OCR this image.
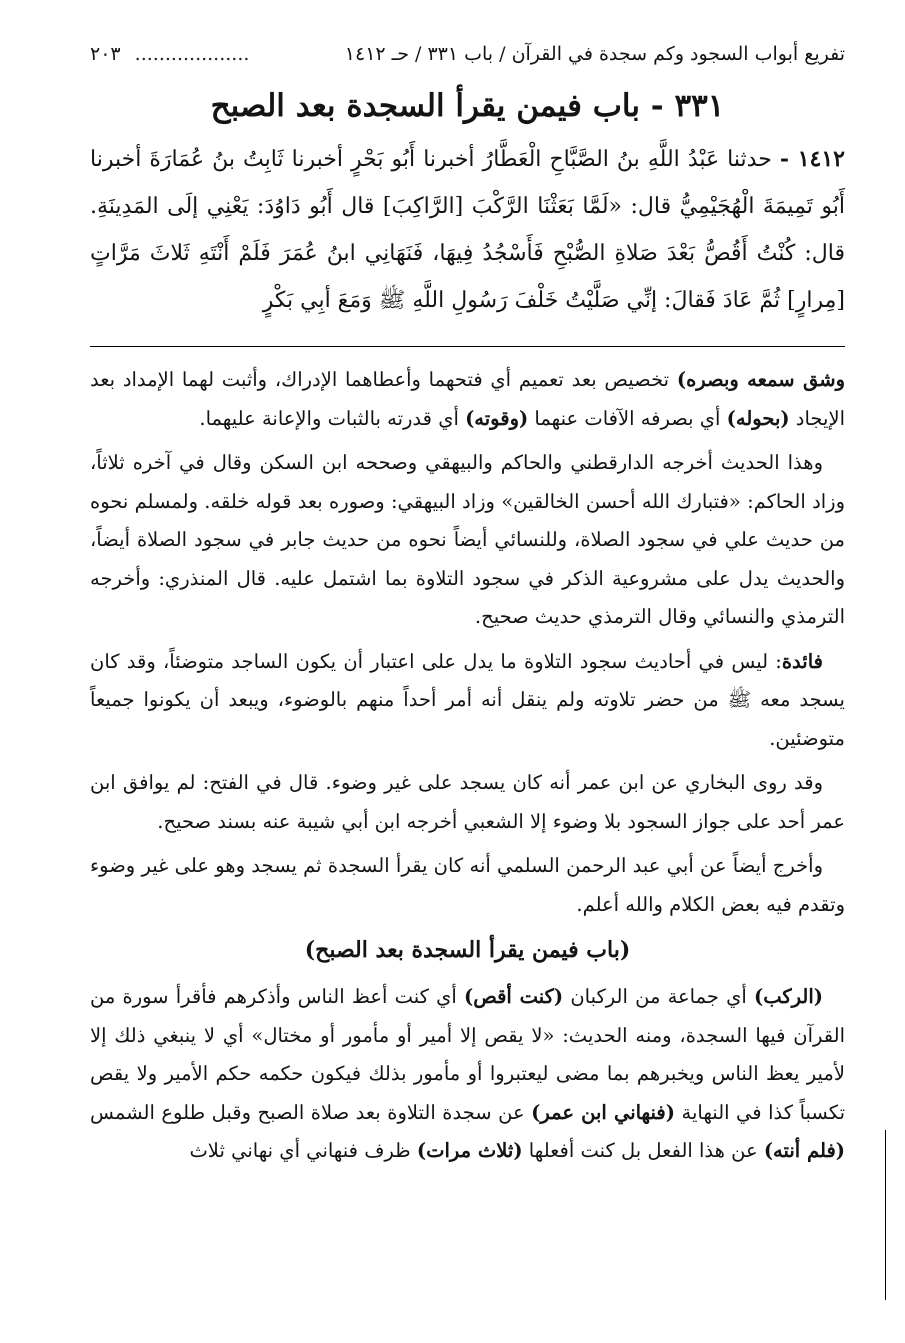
تفريع أبواب السجود وكم سجدة في القرآن / باب ٣٣١ / حـ ١٤١٢
................... ٢٠٣
٣٣١ - باب فيمن يقرأ السجدة بعد الصبح

١٤١٢ - حدثنا عَبْدُ اللَّهِ بنُ الصَّبَّاحِ الْعَطَّارُ أخبرنا أَبُو بَحْرٍ أخبرنا ثَابِتُ بنُ عُمَارَةَ أخبرنا أَبُو تَمِيمَةَ الْهُجَيْمِيُّ قال: «لَمَّا بَعَثْنَا الرَّكْبَ [الرَّاكِبَ] قال أَبُو دَاوُدَ: يَعْنِي إلَى المَدِينَةِ. قال: كُنْتُ أَقُصُّ بَعْدَ صَلاةِ الصُّبْحِ فَأَسْجُدُ فِيهَا، فَنَهَانِي ابنُ عُمَرَ فَلَمْ أَنْتَهِ ثَلاثَ مَرَّاتٍ [مِرارٍ] ثُمَّ عَادَ فَقالَ: إنِّي صَلَّيْتُ خَلْفَ رَسُولِ اللَّهِ ﷺ وَمَعَ أبِي بَكْرٍ

وشق سمعه وبصره) تخصيص بعد تعميم أي فتحهما وأعطاهما الإدراك، وأثبت لهما الإمداد بعد الإيجاد (بحوله) أي بصرفه الآفات عنهما (وقوته) أي قدرته بالثبات والإعانة عليهما.

وهذا الحديث أخرجه الدارقطني والحاكم والبيهقي وصححه ابن السكن وقال في آخره ثلاثاً، وزاد الحاكم: «فتبارك الله أحسن الخالقين» وزاد البيهقي: وصوره بعد قوله خلقه. ولمسلم نحوه من حديث علي في سجود الصلاة، وللنسائي أيضاً نحوه من حديث جابر في سجود الصلاة أيضاً، والحديث يدل على مشروعية الذكر في سجود التلاوة بما اشتمل عليه. قال المنذري: وأخرجه الترمذي والنسائي وقال الترمذي حديث صحيح.

فائدة: ليس في أحاديث سجود التلاوة ما يدل على اعتبار أن يكون الساجد متوضئاً، وقد كان يسجد معه ﷺ من حضر تلاوته ولم ينقل أنه أمر أحداً منهم بالوضوء، ويبعد أن يكونوا جميعاً متوضئين.

وقد روى البخاري عن ابن عمر أنه كان يسجد على غير وضوء. قال في الفتح: لم يوافق ابن عمر أحد على جواز السجود بلا وضوء إلا الشعبي أخرجه ابن أبي شيبة عنه بسند صحيح.

وأخرج أيضاً عن أبي عبد الرحمن السلمي أنه كان يقرأ السجدة ثم يسجد وهو على غير وضوء وتقدم فيه بعض الكلام والله أعلم.

(باب فيمن يقرأ السجدة بعد الصبح)

(الركب) أي جماعة من الركبان (كنت أقص) أي كنت أعظ الناس وأذكرهم فأقرأ سورة من القرآن فيها السجدة، ومنه الحديث: «لا يقص إلا أمير أو مأمور أو مختال» أي لا ينبغي ذلك إلا لأمير يعظ الناس ويخبرهم بما مضى ليعتبروا أو مأمور بذلك فيكون حكمه حكم الأمير ولا يقص تكسباً كذا في النهاية (فنهاني ابن عمر) عن سجدة التلاوة بعد صلاة الصبح وقبل طلوع الشمس (فلم أنته) عن هذا الفعل بل كنت أفعلها (ثلاث مرات) ظرف فنهاني أي نهاني ثلاث
